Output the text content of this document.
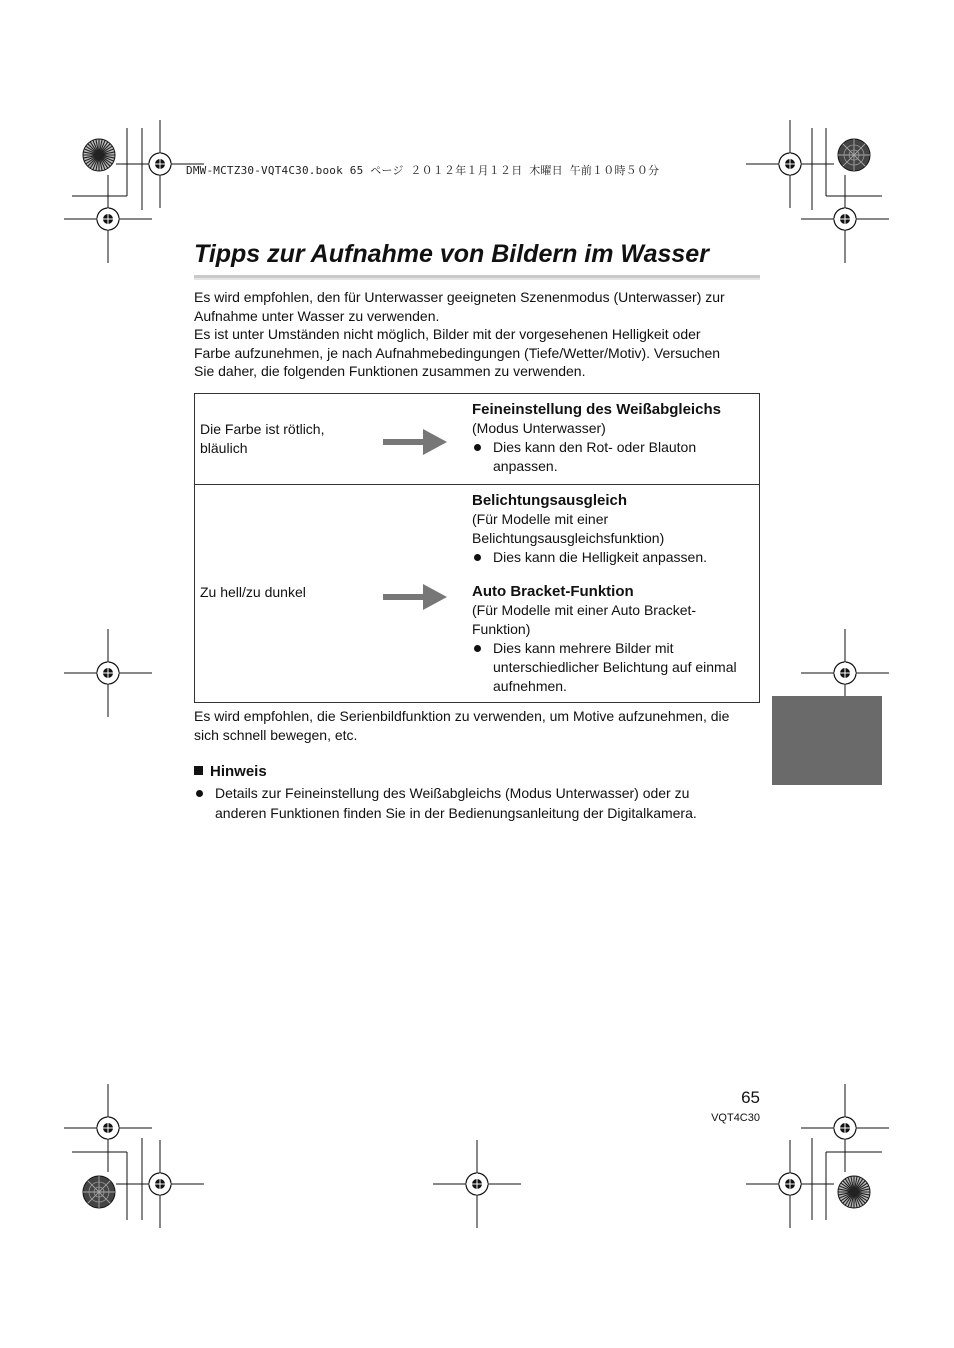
DMW-MCTZ30-VQT4C30.book 65 ページ ２０１２年１月１２日 木曜日 午前１０時５０分
Tipps zur Aufnahme von Bildern im Wasser
Es wird empfohlen, den für Unterwasser geeigneten Szenenmodus (Unterwasser) zur
Aufnahme unter Wasser zu verwenden.
Es ist unter Umständen nicht möglich, Bilder mit der vorgesehenen Helligkeit oder
Farbe aufzunehmen, je nach Aufnahmebedingungen (Tiefe/Wetter/Motiv). Versuchen
Sie daher, die folgenden Funktionen zusammen zu verwenden.
Die Farbe ist rötlich,
bläulich
Feineinstellung des Weißabgleichs
(Modus Unterwasser)
Dies kann den Rot- oder Blauton
anpassen.
Zu hell/zu dunkel
Belichtungsausgleich
(Für Modelle mit einer
Belichtungsausgleichsfunktion)
Dies kann die Helligkeit anpassen.
Auto Bracket-Funktion
(Für Modelle mit einer Auto Bracket-
Funktion)
Dies kann mehrere Bilder mit
unterschiedlicher Belichtung auf einmal
aufnehmen.
Es wird empfohlen, die Serienbildfunktion zu verwenden, um Motive aufzunehmen, die
sich schnell bewegen, etc.
Hinweis
Details zur Feineinstellung des Weißabgleichs (Modus Unterwasser) oder zu
anderen Funktionen finden Sie in der Bedienungsanleitung der Digitalkamera.
65
VQT4C30
